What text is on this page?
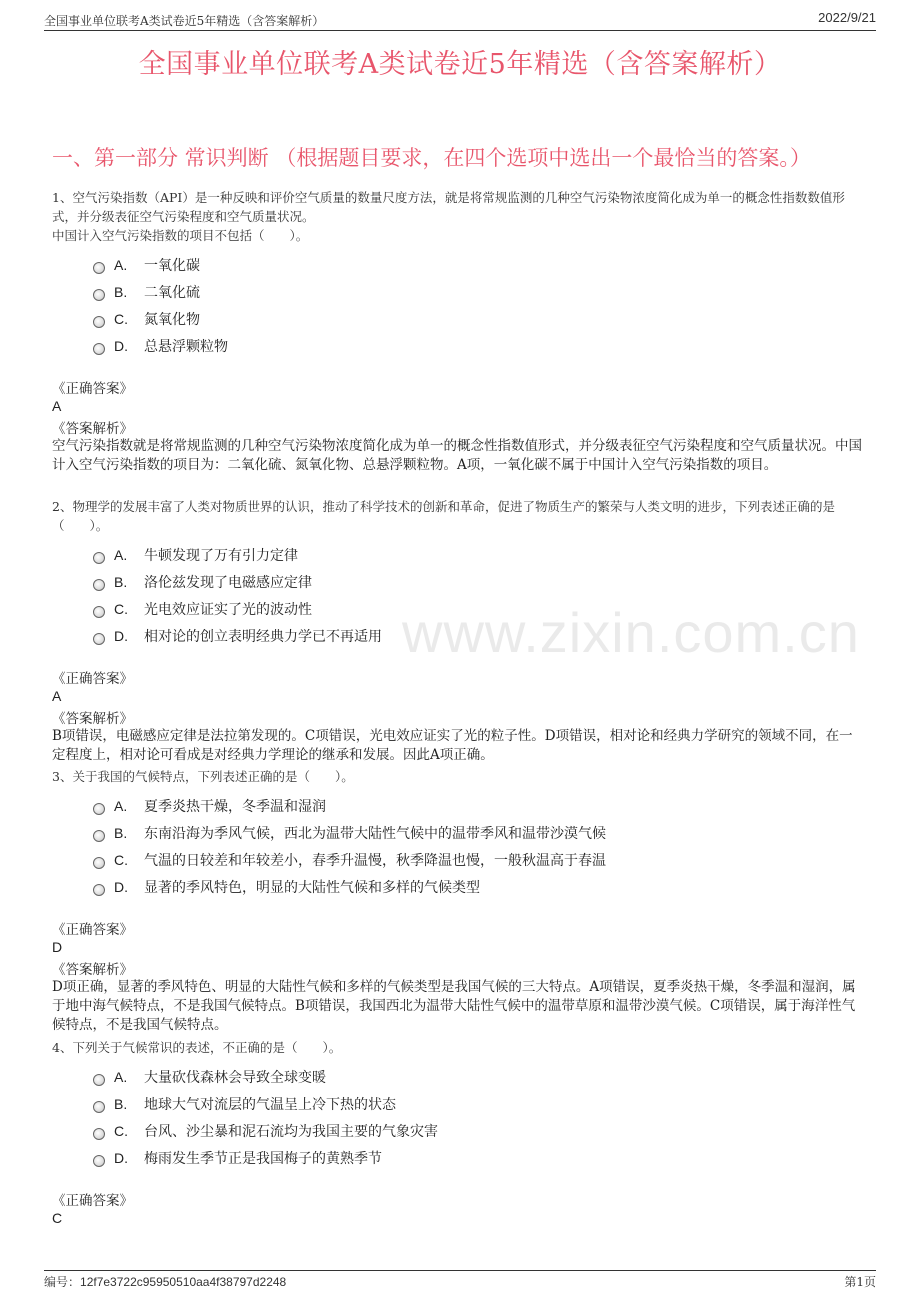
全国事业单位联考A类试卷近5年精选（含答案解析）	2022/9/21
全国事业单位联考A类试卷近5年精选（含答案解析）
一、第一部分 常识判断 （根据题目要求，在四个选项中选出一个最恰当的答案。）
1、空气污染指数（API）是一种反映和评价空气质量的数量尺度方法，就是将常规监测的几种空气污染物浓度简化成为单一的概念性指数数值形式，并分级表征空气污染程度和空气质量状况。
中国计入空气污染指数的项目不包括（　　）。
A.	一氧化碳
B.	二氧化硫
C.	氮氧化物
D.	总悬浮颗粒物
《正确答案》
A
《答案解析》
空气污染指数就是将常规监测的几种空气污染物浓度简化成为单一的概念性指数值形式，并分级表征空气污染程度和空气质量状况。中国计入空气污染指数的项目为：二氧化硫、氮氧化物、总悬浮颗粒物。A项，一氧化碳不属于中国计入空气污染指数的项目。
2、物理学的发展丰富了人类对物质世界的认识，推动了科学技术的创新和革命，促进了物质生产的繁荣与人类文明的进步，下列表述正确的是（　　）。
A.	牛顿发现了万有引力定律
B.	洛伦兹发现了电磁感应定律
C.	光电效应证实了光的波动性
D.	相对论的创立表明经典力学已不再适用
《正确答案》
A
《答案解析》
B项错误，电磁感应定律是法拉第发现的。C项错误，光电效应证实了光的粒子性。D项错误，相对论和经典力学研究的领域不同，在一定程度上，相对论可看成是对经典力学理论的继承和发展。因此A项正确。
3、关于我国的气候特点，下列表述正确的是（　　）。
A.	夏季炎热干燥，冬季温和湿润
B.	东南沿海为季风气候，西北为温带大陆性气候中的温带季风和温带沙漠气候
C.	气温的日较差和年较差小，春季升温慢，秋季降温也慢，一般秋温高于春温
D.	显著的季风特色，明显的大陆性气候和多样的气候类型
《正确答案》
D
《答案解析》
D项正确，显著的季风特色、明显的大陆性气候和多样的气候类型是我国气候的三大特点。A项错误，夏季炎热干燥，冬季温和湿润，属于地中海气候特点，不是我国气候特点。B项错误，我国西北为温带大陆性气候中的温带草原和温带沙漠气候。C项错误，属于海洋性气候特点，不是我国气候特点。
4、下列关于气候常识的表述，不正确的是（　　）。
A.	大量砍伐森林会导致全球变暖
B.	地球大气对流层的气温呈上冷下热的状态
C.	台风、沙尘暴和泥石流均为我国主要的气象灾害
D.	梅雨发生季节正是我国梅子的黄熟季节
《正确答案》
C
www.zixin.com.cn
编号：12f7e3722c95950510aa4f38797d2248	第1页
